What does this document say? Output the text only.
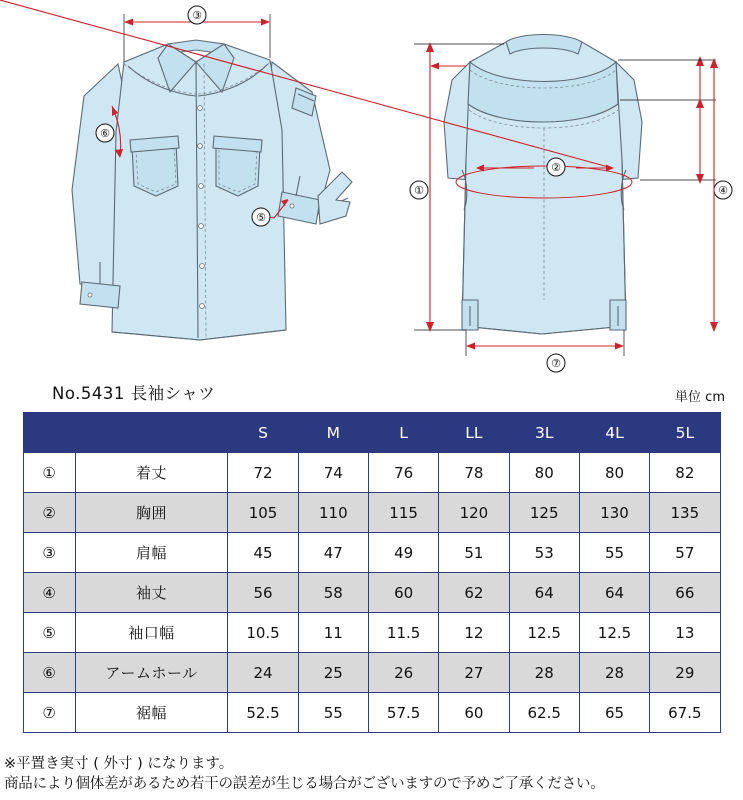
③
⑥
⑤
①
②
④
⑦
No.5431 長袖シャツ	単位 cm
		S	M	L	LL	3L	4L	5L
①	着丈	72	74	76	78	80	80	82
②	胸囲	105	110	115	120	125	130	135
③	肩幅	45	47	49	51	53	55	57
④	袖丈	56	58	60	62	64	64	66
⑤	袖口幅	10.5	11	11.5	12	12.5	12.5	13
⑥	アームホール	24	25	26	27	28	28	29
⑦	裾幅	52.5	55	57.5	60	62.5	65	67.5
※平置き実寸 ( 外寸 ) になります。
商品により個体差があるため若干の誤差が生じる場合がございますので予めご了承ください。
